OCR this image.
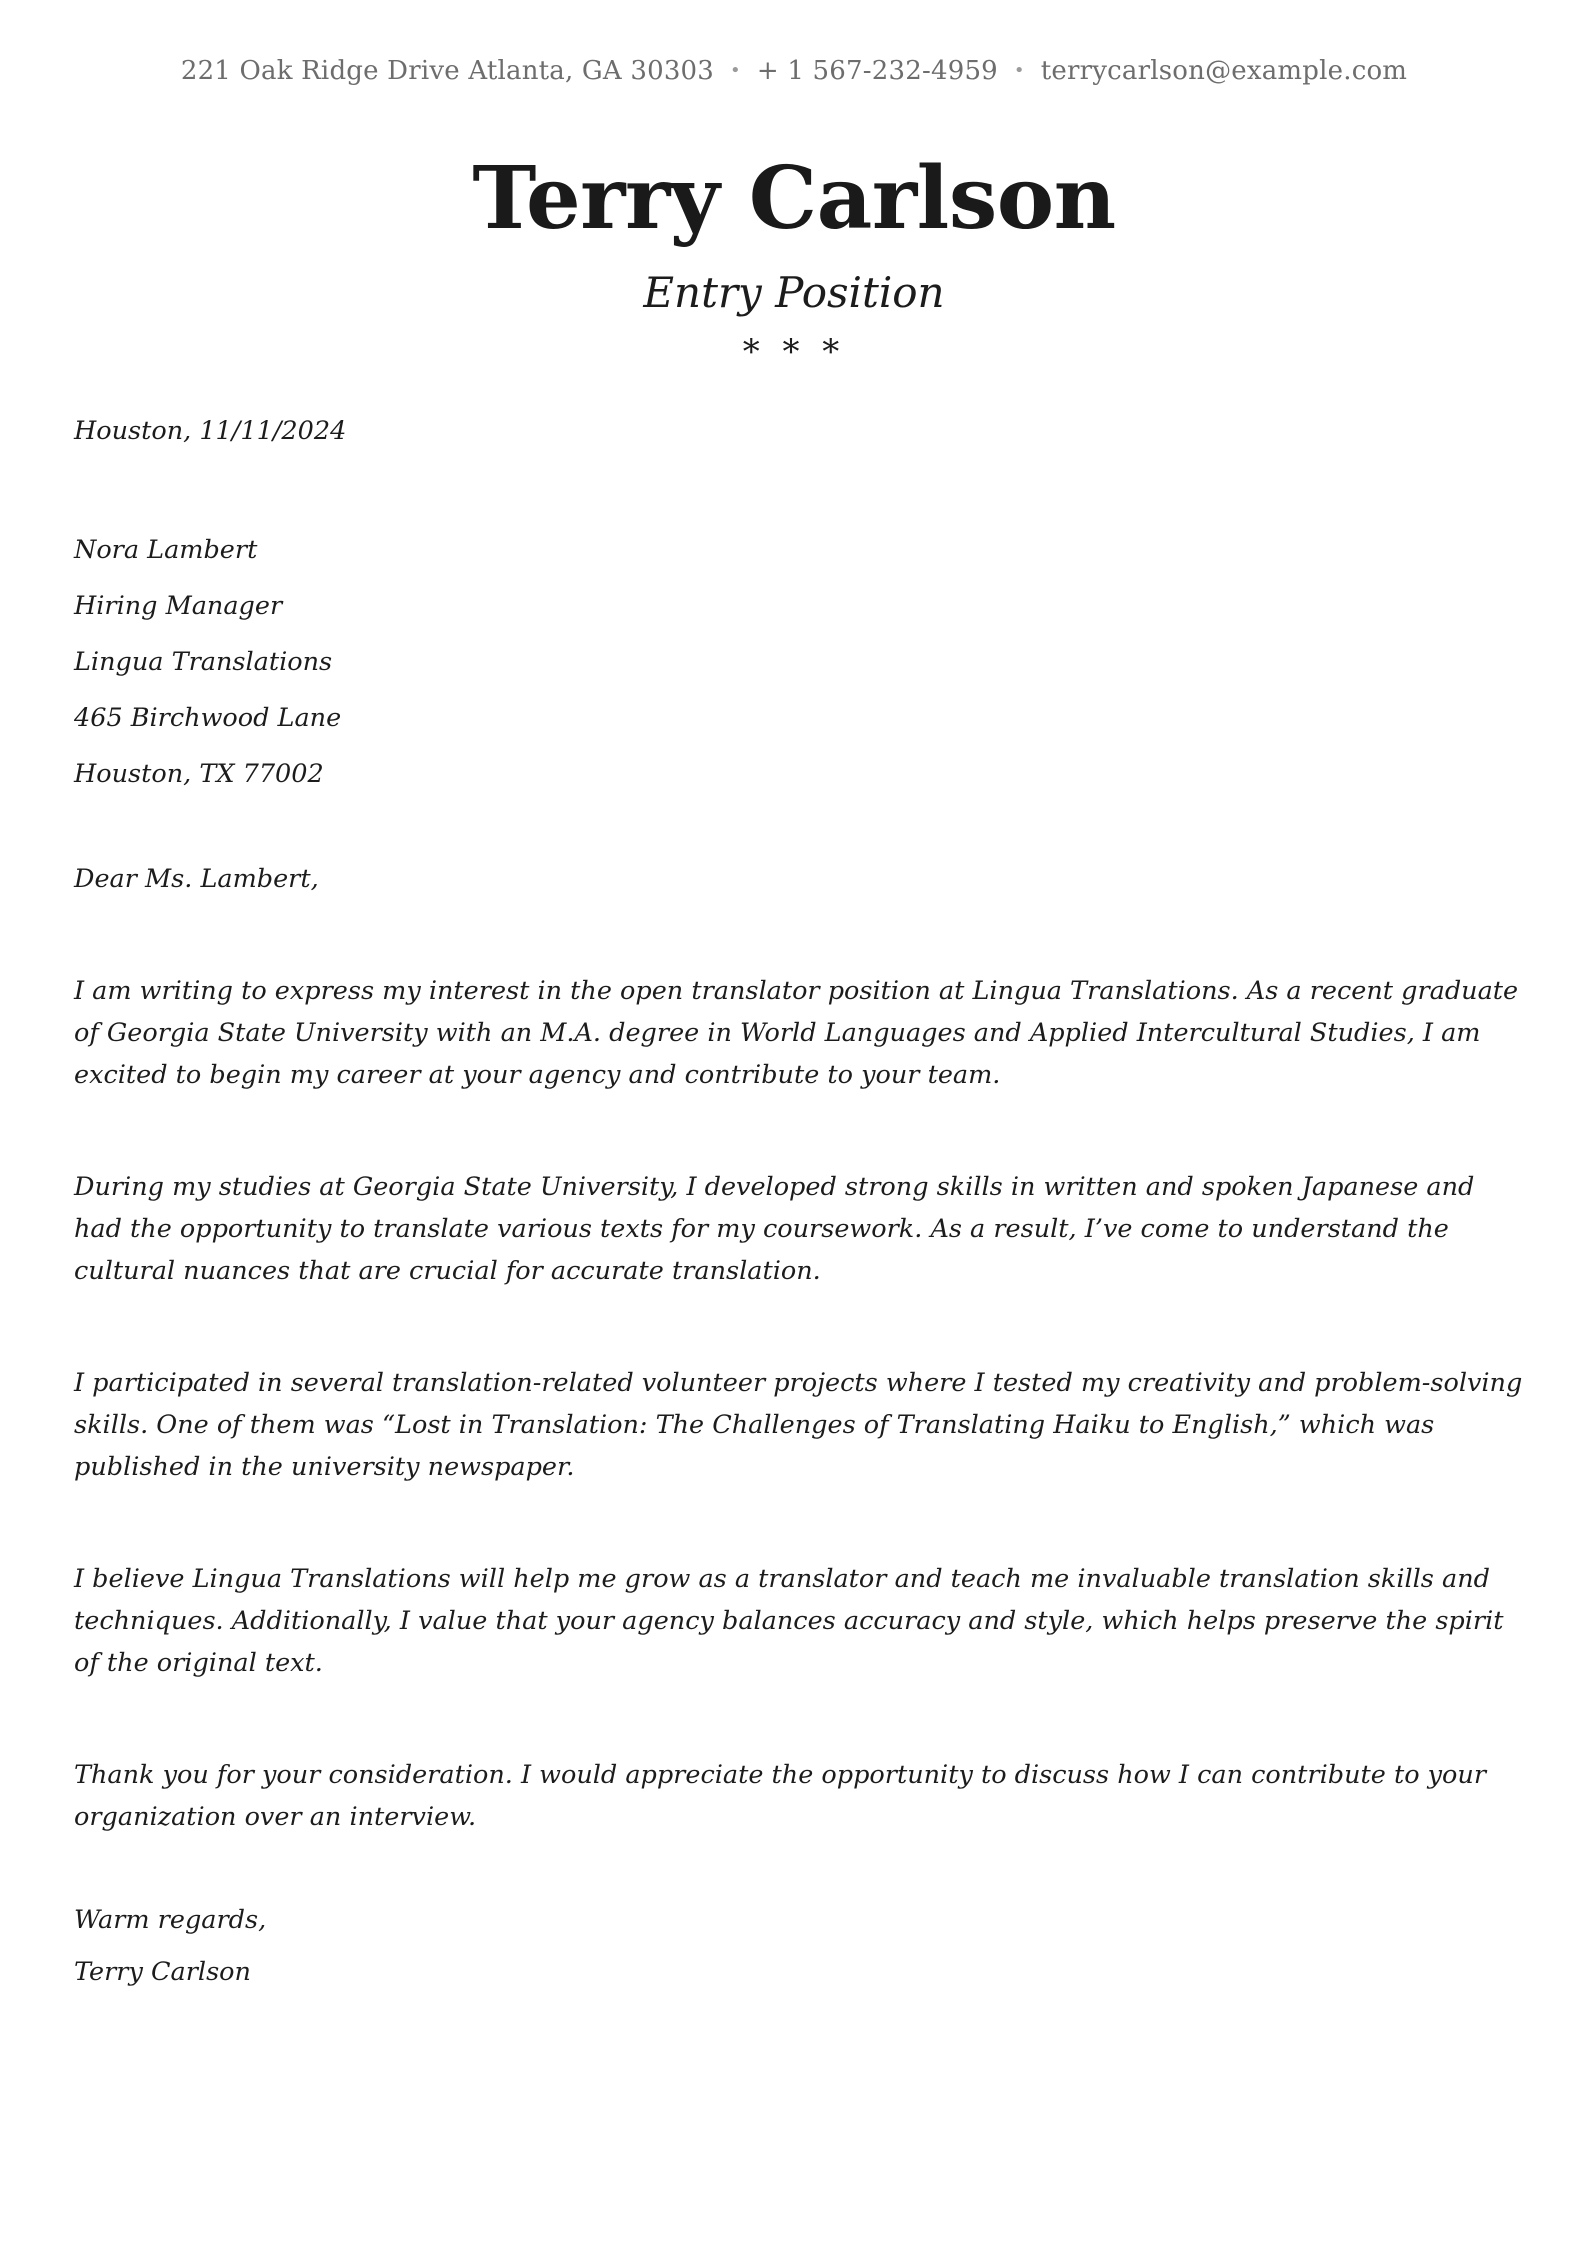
221 Oak Ridge Drive Atlanta, GA 30303 • + 1 567-232-4959 • terrycarlson@example.com
Terry Carlson
Entry Position
* * *

Houston, 11/11/2024

Nora Lambert

Hiring Manager

Lingua Translations

465 Birchwood Lane

Houston, TX 77002

Dear Ms. Lambert,

I am writing to express my interest in the open translator position at Lingua Translations. As a recent graduate of Georgia State University with an M.A. degree in World Languages and Applied Intercultural Studies, I am excited to begin my career at your agency and contribute to your team.

During my studies at Georgia State University, I developed strong skills in written and spoken Japanese and had the opportunity to translate various texts for my coursework. As a result, I’ve come to understand the cultural nuances that are crucial for accurate translation.

I participated in several translation-related volunteer projects where I tested my creativity and problem-solving skills. One of them was “Lost in Translation: The Challenges of Translating Haiku to English,” which was published in the university newspaper.

I believe Lingua Translations will help me grow as a translator and teach me invaluable translation skills and techniques. Additionally, I value that your agency balances accuracy and style, which helps preserve the spirit of the original text.

Thank you for your consideration. I would appreciate the opportunity to discuss how I can contribute to your organization over an interview.

Warm regards,

Terry Carlson
